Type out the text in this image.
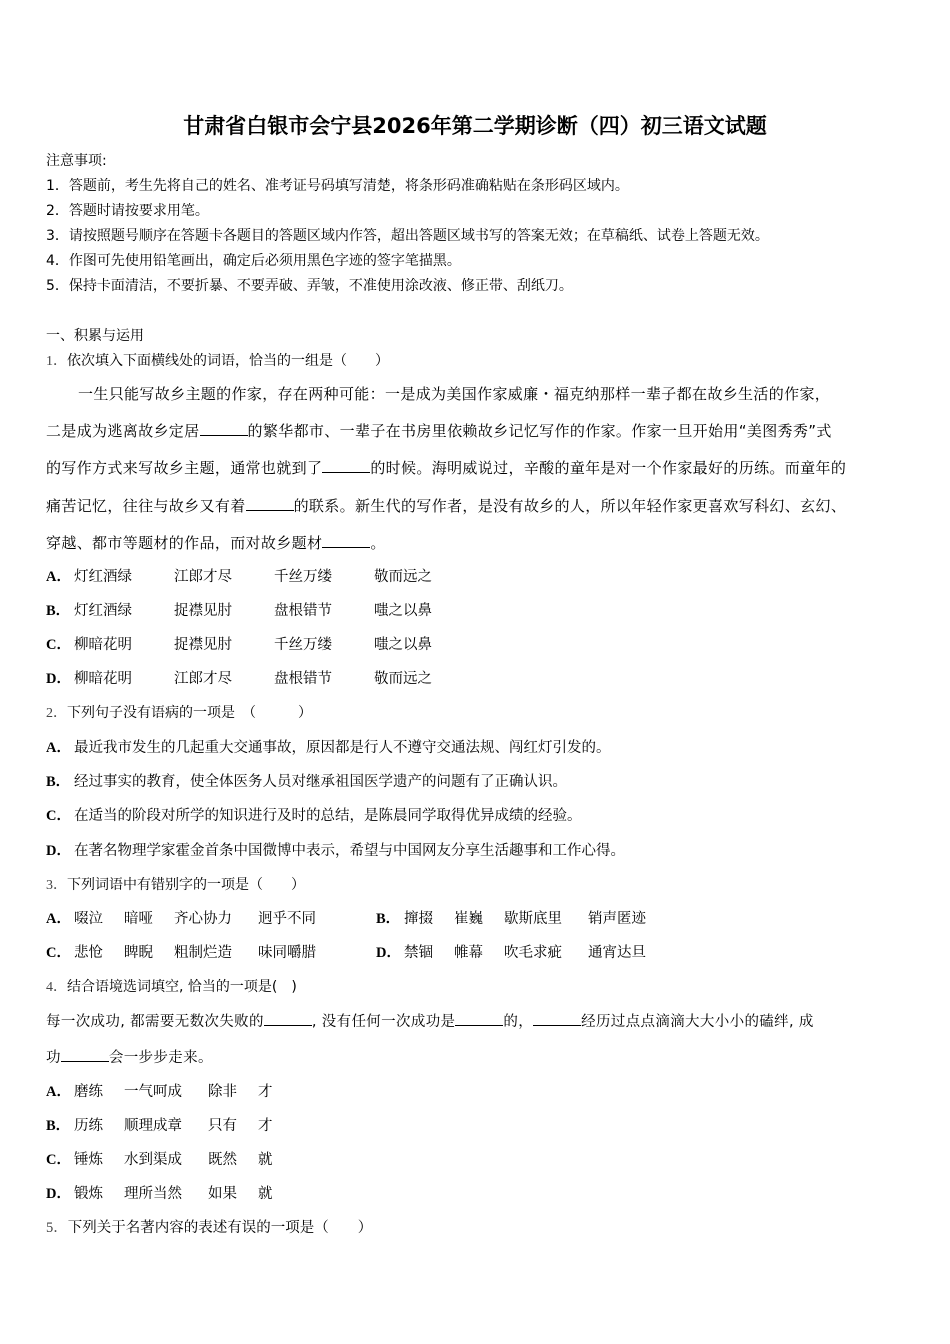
甘肃省白银市会宁县2026年第二学期诊断（四）初三语文试题
注意事项:
1．答题前，考生先将自己的姓名、准考证号码填写清楚，将条形码准确粘贴在条形码区域内。
2．答题时请按要求用笔。
3．请按照题号顺序在答题卡各题目的答题区域内作答，超出答题区域书写的答案无效；在草稿纸、试卷上答题无效。
4．作图可先使用铅笔画出，确定后必须用黑色字迹的签字笔描黑。
5．保持卡面清洁，不要折暴、不要弄破、弄皱，不准使用涂改液、修正带、刮纸刀。
一、积累与运用
1．依次填入下面横线处的词语，恰当的一组是（　　）
一生只能写故乡主题的作家，存在两种可能：一是成为美国作家威廉・福克纳那样一辈子都在故乡生活的作家，
二是成为逃离故乡定居	的繁华都市、一辈子在书房里依赖故乡记忆写作的作家。作家一旦开始用“美图秀秀”式
的写作方式来写故乡主题，通常也就到了	的时候。海明威说过，辛酸的童年是对一个作家最好的历练。而童年的
痛苦记忆，往往与故乡又有着	的联系。新生代的写作者，是没有故乡的人，所以年轻作家更喜欢写科幻、玄幻、
穿越、都市等题材的作品，而对故乡题材	。
A． 灯红酒绿	江郎才尽	千丝万缕	敬而远之
B． 灯红酒绿	捉襟见肘	盘根错节	嗤之以鼻
C． 柳暗花明	捉襟见肘	千丝万缕	嗤之以鼻
D． 柳暗花明	江郎才尽	盘根错节	敬而远之
2．下列句子没有语病的一项是　（　　　）
A． 最近我市发生的几起重大交通事故，原因都是行人不遵守交通法规、闯红灯引发的。
B． 经过事实的教育，使全体医务人员对继承祖国医学遗产的问题有了正确认识。
C． 在适当的阶段对所学的知识进行及时的总结，是陈晨同学取得优异成绩的经验。
D． 在著名物理学家霍金首条中国微博中表示，希望与中国网友分享生活趣事和工作心得。
3．下列词语中有错别字的一项是（　　）
A． 啜泣 暗哑 齐心协力 迥乎不同	B． 撺掇 崔巍 歇斯底里 销声匿迹
C． 悲怆 睥睨 粗制烂造 味同嚼腊	D． 禁锢 帷幕 吹毛求疵 通宵达旦
4．结合语境选词填空, 恰当的一项是(　)
每一次成功, 都需要无数次失败的	, 没有任何一次成功是	的，	经历过点点滴滴大大小小的磕绊, 成
功	会一步步走来。
A． 磨练 一气呵成 除非 才
B． 历练 顺理成章 只有 才
C． 锤炼 水到渠成 既然 就
D． 锻炼 理所当然 如果 就
5．下列关于名著内容的表述有误的一项是（　　）
